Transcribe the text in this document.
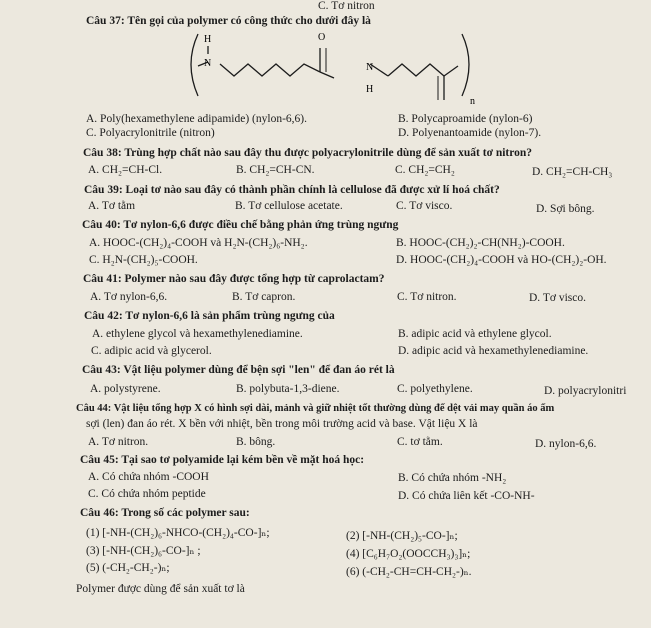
C. Tơ nitron
Câu 37: Tên gọi của polymer có công thức cho dưới đây là
H
N
O
N
H
n
A. Poly(hexamethylene adipamide) (nylon-6,6).	B. Polycaproamide (nylon-6)
C. Polyacrylonitrile (nitron)	D. Polyenantoamide (nylon-7).
Câu 38: Trùng hợp chất nào sau đây thu được polyacrylonitrile dùng để sản xuất tơ nitron?
A. CH₂=CH-Cl.	B. CH₂=CH-CN.	C. CH₂=CH₂	D. CH₂=CH-CH₃
Câu 39: Loại tơ nào sau đây có thành phần chính là cellulose đã được xử lí hoá chất?
A. Tơ tằm	B. Tơ cellulose acetate.	C. Tơ visco.	D. Sợi bông.
Câu 40: Tơ nylon-6,6 được điều chế bằng phản ứng trùng ngưng
A. HOOC-(CH₂)₄-COOH và H₂N-(CH₂)₆-NH₂.	B. HOOC-(CH₂)₂-CH(NH₂)-COOH.
C. H₂N-(CH₂)₅-COOH.	D. HOOC-(CH₂)₄-COOH và HO-(CH₂)₂-OH.
Câu 41: Polymer nào sau đây được tổng hợp từ caprolactam?
A. Tơ nylon-6,6.	B. Tơ capron.	C. Tơ nitron.	D. Tơ visco.
Câu 42: Tơ nylon-6,6 là sản phẩm trùng ngưng của
A. ethylene glycol và hexamethylenediamine.	B. adipic acid và ethylene glycol.
C. adipic acid và glycerol.	D. adipic acid và hexamethylenediamine.
Câu 43: Vật liệu polymer dùng để bện sợi "len" để đan áo rét là
A. polystyrene.	B. polybuta-1,3-diene.	C. polyethylene.	D. polyacrylonitri
Câu 44: Vật liệu tổng hợp X có hình sợi dài, mảnh và giữ nhiệt tốt thường dùng để dệt vải may quần áo ấm
sợi (len) đan áo rét. X bền với nhiệt, bền trong môi trường acid và base. Vật liệu X là
A. Tơ nitron.	B. bông.	C. tơ tằm.	D. nylon-6,6.
Câu 45: Tại sao tơ polyamide lại kém bền về mặt hoá học:
A. Có chứa nhóm -COOH	B. Có chứa nhóm -NH₂
C. Có chứa nhóm peptide	D. Có chứa liên kết -CO-NH-
Câu 46: Trong số các polymer sau:
(1) [-NH-(CH₂)₆-NHCO-(CH₂)₄-CO-]ₙ;	(2) [-NH-(CH₂)₅-CO-]ₙ;
(3) [-NH-(CH₂)₆-CO-]ₙ ;	(4) [C₆H₇O₂(OOCCH₃)₃]ₙ;
(5) (-CH₂-CH₂-)ₙ;	(6) (-CH₂-CH=CH-CH₂-)ₙ.
Polymer được dùng để sản xuất tơ là
